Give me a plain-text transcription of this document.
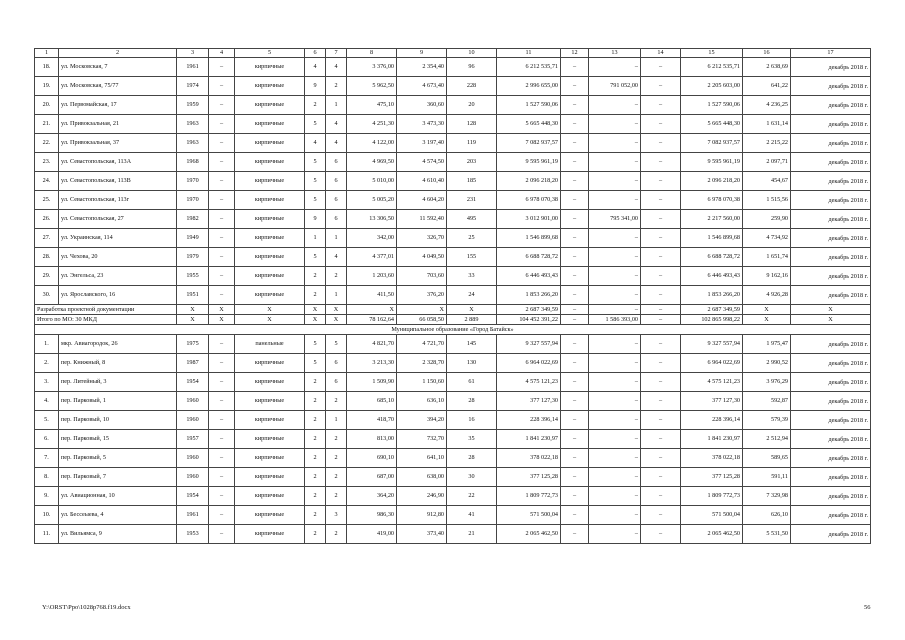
1	2	3	4	5	6	7	8	9	10	11	12	13	14	15	16	17
18.	ул. Московская, 7	1961	–	кирпичные	4	4	3 376,00	2 354,40	96	6 212 535,71	–	–	–	6 212 535,71	2 638,69	декабрь 2018 г.
19.	ул. Московская, 75/77	1974	–	кирпичные	9	2	5 962,50	4 673,40	228	2 996 655,00	–	791 052,00	–	2 205 603,00	641,22	декабрь 2018 г.
20.	ул. Первомайская, 17	1959	–	кирпичные	2	1	475,10	360,60	20	1 527 590,06	–	–	–	1 527 590,06	4 236,25	декабрь 2018 г.
21.	ул. Привокзальная, 21	1963	–	кирпичные	5	4	4 251,30	3 473,30	128	5 665 448,30	–	–	–	5 665 448,30	1 631,14	декабрь 2018 г.
22.	ул. Привокзальная, 37	1963	–	кирпичные	4	4	4 122,00	3 197,40	119	7 082 937,57	–	–	–	7 082 937,57	2 215,22	декабрь 2018 г.
23.	ул. Севастопольская, 113А	1968	–	кирпичные	5	6	4 969,50	4 574,50	203	9 595 961,19	–	–	–	9 595 961,19	2 097,71	декабрь 2018 г.
24.	ул. Севастопольская, 113В	1970	–	кирпичные	5	6	5 010,00	4 610,40	185	2 096 218,20	–	–	–	2 096 218,20	454,67	декабрь 2018 г.
25.	ул. Севастопольская, 113г	1970	–	кирпичные	5	6	5 005,20	4 604,20	231	6 978 070,38	–	–	–	6 978 070,38	1 515,56	декабрь 2018 г.
26.	ул. Севастопольская, 27	1982	–	кирпичные	9	6	13 306,50	11 592,40	495	3 012 901,00	–	795 341,00	–	2 217 560,00	259,90	декабрь 2018 г.
27.	ул. Украинская, 114	1949	–	кирпичные	1	1	342,00	326,70	25	1 546 899,68	–	–	–	1 546 899,68	4 734,92	декабрь 2018 г.
28.	ул. Чехова, 20	1979	–	кирпичные	5	4	4 377,01	4 049,50	155	6 688 728,72	–	–	–	6 688 728,72	1 651,74	декабрь 2018 г.
29.	ул. Энгельса, 23	1955	–	кирпичные	2	2	1 203,60	703,60	33	6 446 493,43	–	–	–	6 446 493,43	9 162,16	декабрь 2018 г.
30.	ул. Ярославского, 16	1951	–	кирпичные	2	1	411,50	376,20	24	1 853 266,20	–	–	–	1 853 266,20	4 926,28	декабрь 2018 г.
Разработка проектной документации		Х	Х	Х	Х	Х	Х	Х	Х	2 687 349,59	–	–	–	2 687 349,59	Х	Х
Итого по МО: 30 МКД		Х	Х	Х	Х	Х	78 162,64	66 058,50	2 889	104 452 391,22	–	1 586 393,00	–	102 865 998,22	Х	Х
Муниципальное образование «Город Батайск»																
1.	мкр. Авиагородок, 26	1975	–	панельные	5	5	4 821,70	4 721,70	145	9 327 557,94	–	–	–	9 327 557,94	1 975,47	декабрь 2018 г.
2.	пер. Книжный, 8	1987	–	кирпичные	5	6	3 213,30	2 328,70	130	6 964 022,69	–	–	–	6 964 022,69	2 990,52	декабрь 2018 г.
3.	пер. Литейный, 3	1954	–	кирпичные	2	6	1 509,90	1 150,60	61	4 575 121,23	–	–	–	4 575 121,23	3 976,29	декабрь 2018 г.
4.	пер. Парковый, 1	1960	–	кирпичные	2	2	685,10	636,10	28	377 127,30	–	–	–	377 127,30	592,87	декабрь 2018 г.
5.	пер. Парковый, 10	1960	–	кирпичные	2	1	418,70	394,20	16	228 396,14	–	–	–	228 396,14	579,39	декабрь 2018 г.
6.	пер. Парковый, 15	1957	–	кирпичные	2	2	813,00	732,70	35	1 841 230,97	–	–	–	1 841 230,97	2 512,94	декабрь 2018 г.
7.	пер. Парковый, 5	1960	–	кирпичные	2	2	690,10	641,10	28	378 022,18	–	–	–	378 022,18	589,65	декабрь 2018 г.
8.	пер. Парковый, 7	1960	–	кирпичные	2	2	687,00	638,00	30	377 125,28	–	–	–	377 125,28	591,11	декабрь 2018 г.
9.	ул. Авиационная, 10	1954	–	кирпичные	2	2	364,20	246,90	22	1 809 772,73	–	–	–	1 809 772,73	7 329,98	декабрь 2018 г.
10.	ул. Бессеыева, 4	1961	–	кирпичные	2	3	986,30	912,80	41	571 500,04	–	–	–	571 500,04	626,10	декабрь 2018 г.
11.	ул. Вильямса, 9	1953	–	кирпичные	2	2	419,00	373,40	21	2 065 462,50	–	–	–	2 065 462,50	5 531,50	декабрь 2018 г.
Y:\ORST\Ppo\1028p768.f19.docx	56
